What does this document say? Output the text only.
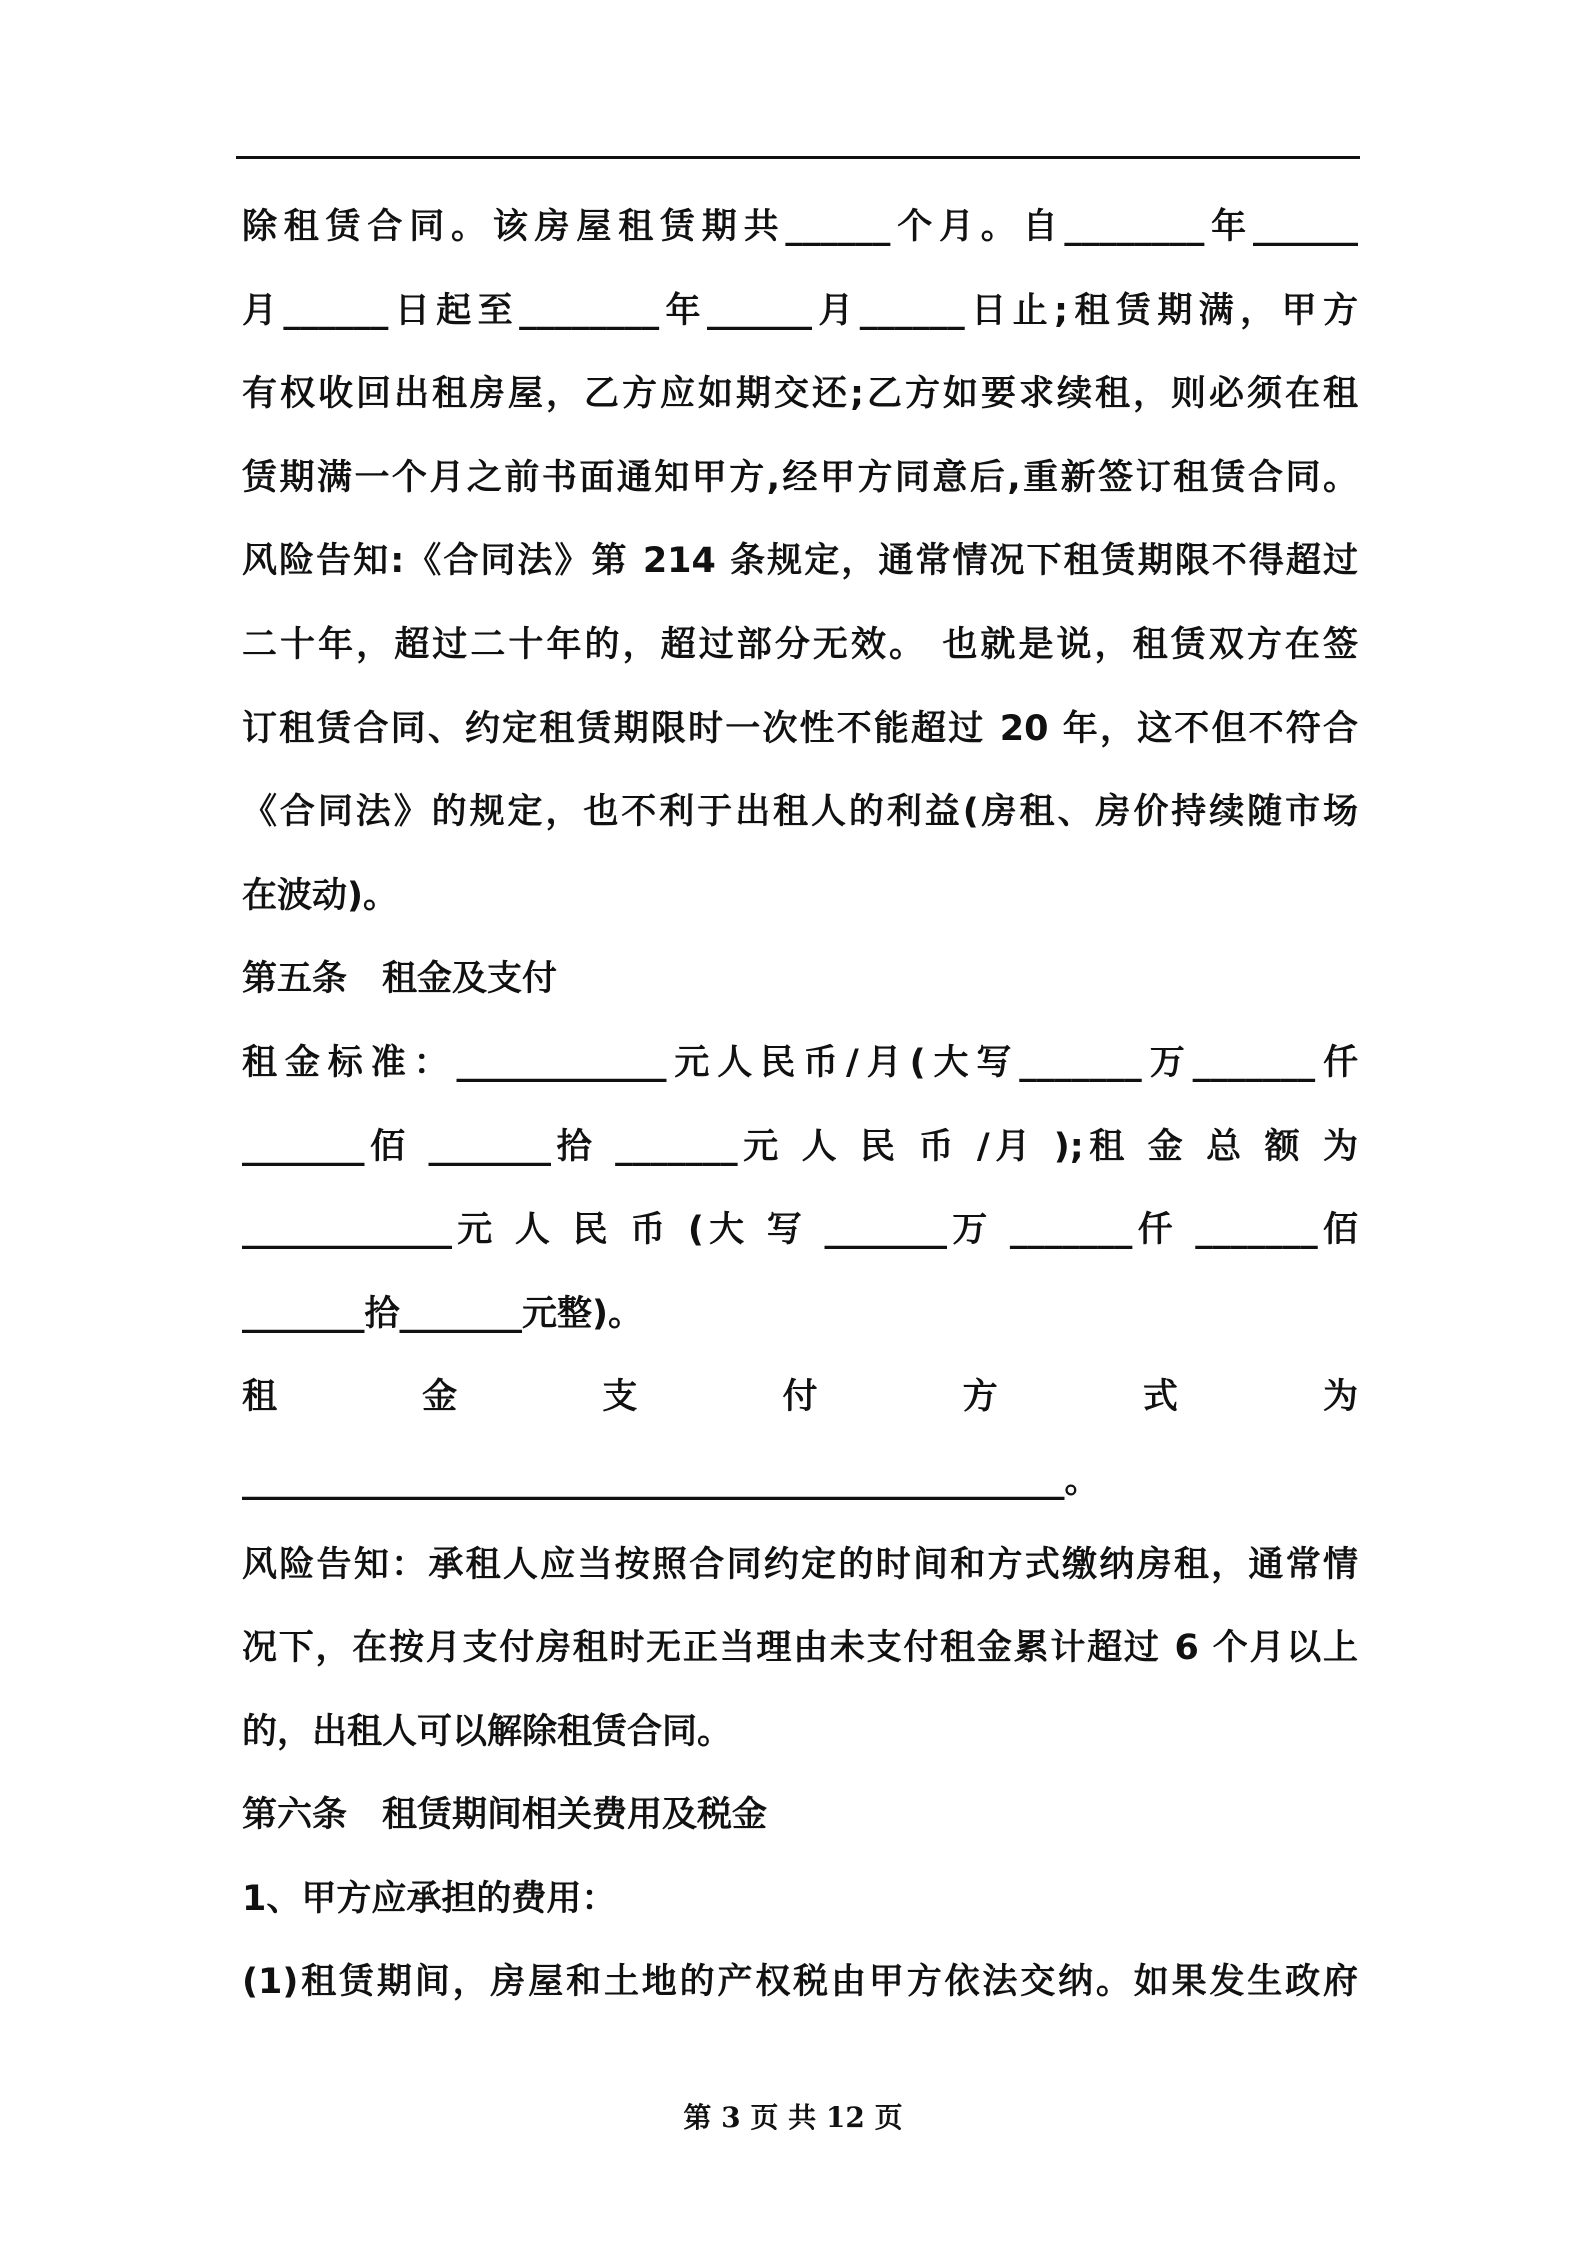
除租赁合同。该房屋租赁期共______个月。自________年______
月______日起至________年______月______日止;租赁期满，甲方
有权收回出租房屋，乙方应如期交还;乙方如要求续租，则必须在租
赁期满一个月之前书面通知甲方,经甲方同意后,重新签订租赁合同。
风险告知:《合同法》第 214 条规定，通常情况下租赁期限不得超过
二十年，超过二十年的，超过部分无效。 也就是说，租赁双方在签
订租赁合同、约定租赁期限时一次性不能超过 20 年，这不但不符合
《合同法》的规定，也不利于出租人的利益(房租、房价持续随市场
在波动)。
第五条　租金及支付
租金标准：____________元人民币/月(大写_______万_______仟
_______佰 _______拾 _______元 人 民 币 /月 );租 金 总 额 为
____________元 人 民 币 (大 写 _______万 _______仟 _______佰
_______拾_______元整)。
租 金 支 付 方 式 为
_______________________________________________。
风险告知：承租人应当按照合同约定的时间和方式缴纳房租，通常情
况下，在按月支付房租时无正当理由未支付租金累计超过 6 个月以上
的，出租人可以解除租赁合同。
第六条　租赁期间相关费用及税金
1、甲方应承担的费用：
(1)租赁期间，房屋和土地的产权税由甲方依法交纳。如果发生政府
第 3 页 共 12 页
